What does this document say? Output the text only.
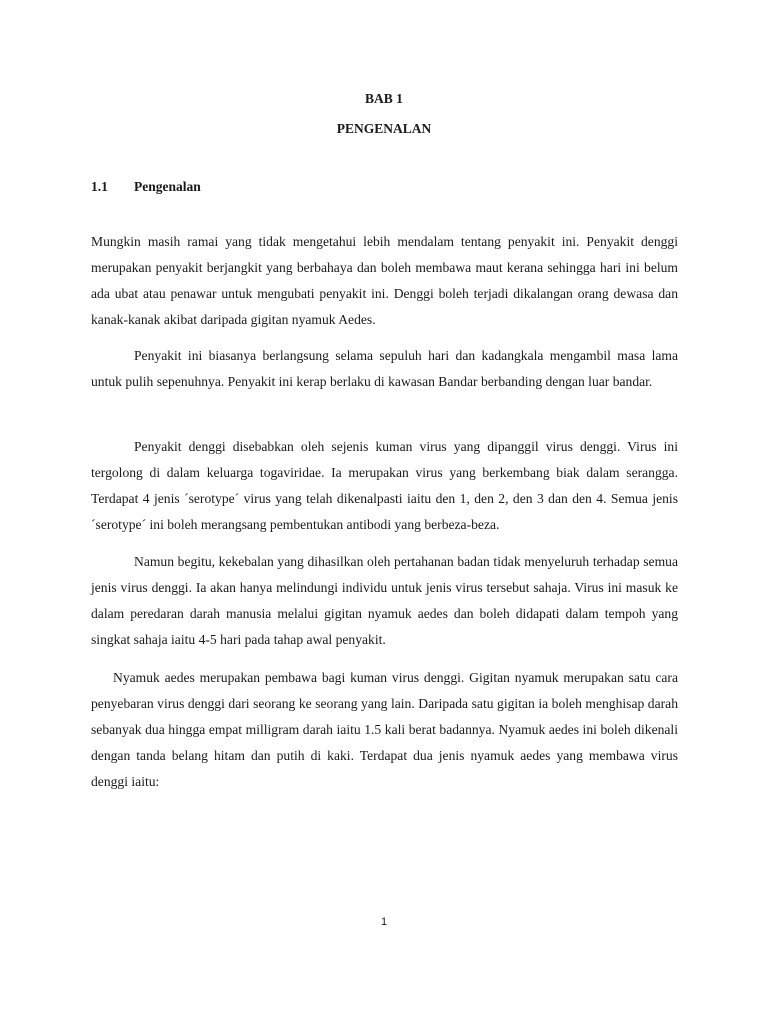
BAB 1
PENGENALAN
1.1 Pengenalan

Mungkin masih ramai yang tidak mengetahui lebih mendalam tentang penyakit ini. Penyakit denggi merupakan penyakit berjangkit yang berbahaya dan boleh membawa maut kerana sehingga hari ini belum ada ubat atau penawar untuk mengubati penyakit ini. Denggi boleh terjadi dikalangan orang dewasa dan kanak-kanak akibat daripada gigitan nyamuk Aedes.

Penyakit ini biasanya berlangsung selama sepuluh hari dan kadangkala mengambil masa lama untuk pulih sepenuhnya. Penyakit ini kerap berlaku di kawasan Bandar berbanding dengan luar bandar.

Penyakit denggi disebabkan oleh sejenis kuman virus yang dipanggil virus denggi. Virus ini tergolong di dalam keluarga togaviridae. Ia merupakan virus yang berkembang biak dalam serangga. Terdapat 4 jenis ´serotype´ virus yang telah dikenalpasti iaitu den 1, den 2, den 3 dan den 4. Semua jenis ´serotype´ ini boleh merangsang pembentukan antibodi yang berbeza-beza.

Namun begitu, kekebalan yang dihasilkan oleh pertahanan badan tidak menyeluruh terhadap semua jenis virus denggi. Ia akan hanya melindungi individu untuk jenis virus tersebut sahaja. Virus ini masuk ke dalam peredaran darah manusia melalui gigitan nyamuk aedes dan boleh didapati dalam tempoh yang singkat sahaja iaitu 4-5 hari pada tahap awal penyakit.

Nyamuk aedes merupakan pembawa bagi kuman virus denggi. Gigitan nyamuk merupakan satu cara penyebaran virus denggi dari seorang ke seorang yang lain. Daripada satu gigitan ia boleh menghisap darah sebanyak dua hingga empat milligram darah iaitu 1.5 kali berat badannya. Nyamuk aedes ini boleh dikenali dengan tanda belang hitam dan putih di kaki. Terdapat dua jenis nyamuk aedes yang membawa virus denggi iaitu:

1
